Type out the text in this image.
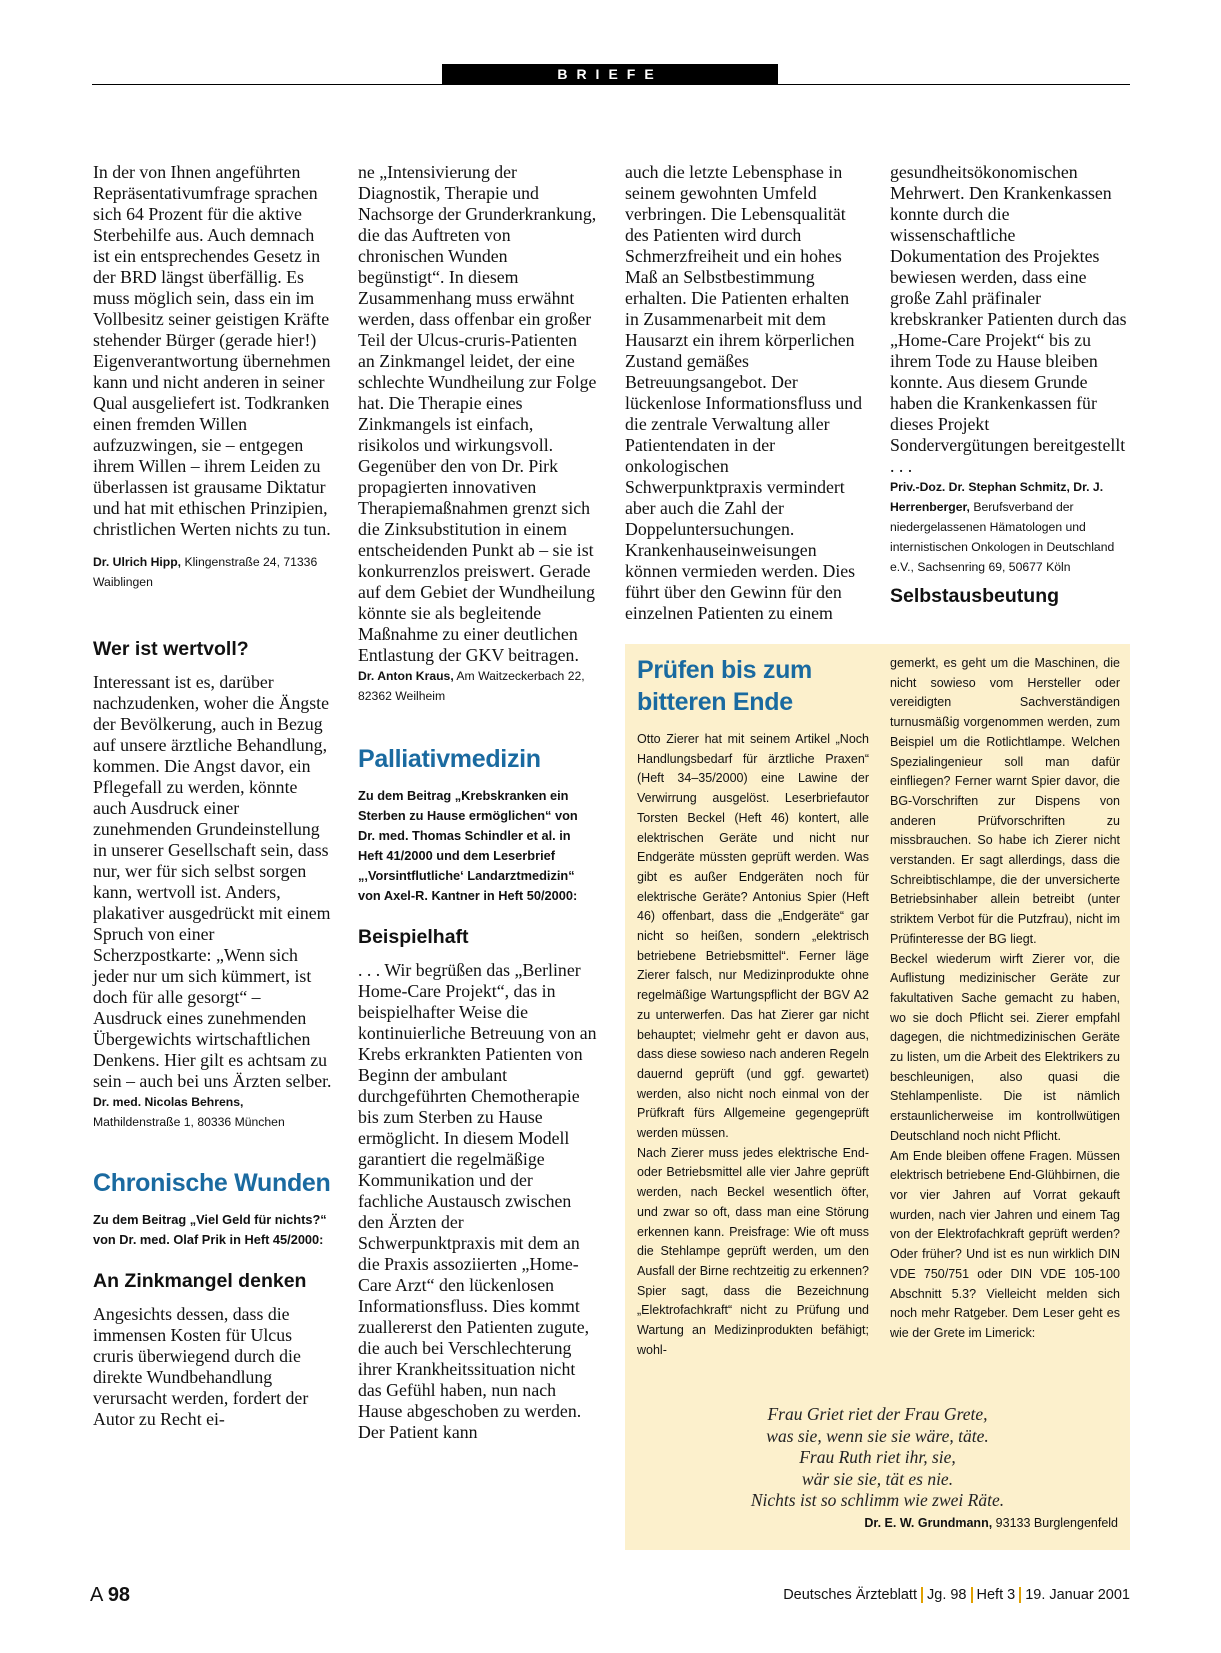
BRIEFE

In der von Ihnen angeführten Repräsentativumfrage sprachen sich 64 Prozent für die aktive Sterbehilfe aus. Auch demnach ist ein entsprechendes Gesetz in der BRD längst überfällig. Es muss möglich sein, dass ein im Vollbesitz seiner geistigen Kräfte stehender Bürger (gerade hier!) Eigenverantwortung übernehmen kann und nicht anderen in seiner Qual ausgeliefert ist. Todkranken einen fremden Willen aufzuzwingen, sie – entgegen ihrem Willen – ihrem Leiden zu überlassen ist grausame Diktatur und hat mit ethischen Prinzipien, christlichen Werten nichts zu tun.

Dr. Ulrich Hipp, Klingenstraße 24, 71336 Waiblingen

Wer ist wertvoll?

Interessant ist es, darüber nachzudenken, woher die Ängste der Bevölkerung, auch in Bezug auf unsere ärztliche Behandlung, kommen. Die Angst davor, ein Pflegefall zu werden, könnte auch Ausdruck einer zunehmenden Grundeinstellung in unserer Gesellschaft sein, dass nur, wer für sich selbst sorgen kann, wertvoll ist. Anders, plakativer ausgedrückt mit einem Spruch von einer Scherzpostkarte: „Wenn sich jeder nur um sich kümmert, ist doch für alle gesorgt“ – Ausdruck eines zunehmenden Übergewichts wirtschaftlichen Denkens. Hier gilt es achtsam zu sein – auch bei uns Ärzten selber.

Dr. med. Nicolas Behrens,
Mathildenstraße 1, 80336 München

Chronische Wunden

Zu dem Beitrag „Viel Geld für nichts?“ von Dr. med. Olaf Prik in Heft 45/2000:

An Zinkmangel denken

Angesichts dessen, dass die immensen Kosten für Ulcus cruris überwiegend durch die direkte Wundbehandlung verursacht werden, fordert der Autor zu Recht ei-

ne „Intensivierung der Diagnostik, Therapie und Nachsorge der Grunderkrankung, die das Auftreten von chronischen Wunden begünstigt“. In diesem Zusammenhang muss erwähnt werden, dass offenbar ein großer Teil der Ulcus-cruris-Patienten an Zinkmangel leidet, der eine schlechte Wundheilung zur Folge hat. Die Therapie eines Zinkmangels ist einfach, risikolos und wirkungsvoll. Gegenüber den von Dr. Pirk propagierten innovativen Therapiemaßnahmen grenzt sich die Zinksubstitution in einem entscheidenden Punkt ab – sie ist konkurrenzlos preiswert. Gerade auf dem Gebiet der Wundheilung könnte sie als begleitende Maßnahme zu einer deutlichen Entlastung der GKV beitragen.

Dr. Anton Kraus, Am Waitzeckerbach 22, 82362 Weilheim

Palliativmedizin

Zu dem Beitrag „Krebskranken ein Sterben zu Hause ermöglichen“ von Dr. med. Thomas Schindler et al. in Heft 41/2000 und dem Leserbrief „‚Vorsintflutliche‘ Landarztmedizin“ von Axel-R. Kantner in Heft 50/2000:

Beispielhaft

. . . Wir begrüßen das „Berliner Home-Care Projekt“, das in beispielhafter Weise die kontinuierliche Betreuung von an Krebs erkrankten Patienten von Beginn der ambulant durchgeführten Chemotherapie bis zum Sterben zu Hause ermöglicht. In diesem Modell garantiert die regelmäßige Kommunikation und der fachliche Austausch zwischen den Ärzten der Schwerpunktpraxis mit dem an die Praxis assoziierten „Home-Care Arzt“ den lückenlosen Informationsfluss. Dies kommt zuallererst den Patienten zugute, die auch bei Verschlechterung ihrer Krankheitssituation nicht das Gefühl haben, nun nach Hause abgeschoben zu werden. Der Patient kann

auch die letzte Lebensphase in seinem gewohnten Umfeld verbringen. Die Lebensqualität des Patienten wird durch Schmerzfreiheit und ein hohes Maß an Selbstbestimmung erhalten. Die Patienten erhalten in Zusammenarbeit mit dem Hausarzt ein ihrem körperlichen Zustand gemäßes Betreuungsangebot. Der lückenlose Informationsfluss und die zentrale Verwaltung aller Patientendaten in der onkologischen Schwerpunktpraxis vermindert aber auch die Zahl der Doppeluntersuchungen. Krankenhauseinweisungen können vermieden werden. Dies führt über den Gewinn für den einzelnen Patienten zu einem

gesundheitsökonomischen Mehrwert. Den Krankenkassen konnte durch die wissenschaftliche Dokumentation des Projektes bewiesen werden, dass eine große Zahl präfinaler krebskranker Patienten durch das „Home-Care Projekt“ bis zu ihrem Tode zu Hause bleiben konnte. Aus diesem Grunde haben die Krankenkassen für dieses Projekt Sondervergütungen bereitgestellt . . .

Priv.-Doz. Dr. Stephan Schmitz, Dr. J. Herrenberger, Berufsverband der niedergelassenen Hämatologen und internistischen Onkologen in Deutschland e.V., Sachsenring 69, 50677 Köln

Selbstausbeutung
Prüfen bis zum bitteren Ende
Otto Zierer hat mit seinem Artikel „Noch Handlungsbedarf für ärztliche Praxen“ (Heft 34–35/2000) eine Lawine der Verwirrung ausgelöst. Leserbriefautor Torsten Beckel (Heft 46) kontert, alle elektrischen Geräte und nicht nur Endgeräte müssten geprüft werden. Was gibt es außer Endgeräten noch für elektrische Geräte? Antonius Spier (Heft 46) offenbart, dass die „Endgeräte“ gar nicht so heißen, sondern „elektrisch betriebene Betriebsmittel“. Ferner läge Zierer falsch, nur Medizinprodukte ohne regelmäßige Wartungspflicht der BGV A2 zu unterwerfen. Das hat Zierer gar nicht behauptet; vielmehr geht er davon aus, dass diese sowieso nach anderen Regeln dauernd geprüft (und ggf. gewartet) werden, also nicht noch einmal von der Prüfkraft fürs Allgemeine gegengeprüft werden müssen.
Nach Zierer muss jedes elektrische End- oder Betriebsmittel alle vier Jahre geprüft werden, nach Beckel wesentlich öfter, und zwar so oft, dass man eine Störung erkennen kann. Preisfrage: Wie oft muss die Stehlampe geprüft werden, um den Ausfall der Birne rechtzeitig zu erkennen? Spier sagt, dass die Bezeichnung „Elektrofachkraft“ nicht zu Prüfung und Wartung an Medizinprodukten befähigt; wohl-
gemerkt, es geht um die Maschinen, die nicht sowieso vom Hersteller oder vereidigten Sachverständigen turnusmäßig vorgenommen werden, zum Beispiel um die Rotlichtlampe. Welchen Spezialingenieur soll man dafür einfliegen? Ferner warnt Spier davor, die BG-Vorschriften zur Dispens von anderen Prüfvorschriften zu missbrauchen. So habe ich Zierer nicht verstanden. Er sagt allerdings, dass die Schreibtischlampe, die der unversicherte Betriebsinhaber allein betreibt (unter striktem Verbot für die Putzfrau), nicht im Prüfinteresse der BG liegt.
Beckel wiederum wirft Zierer vor, die Auflistung medizinischer Geräte zur fakultativen Sache gemacht zu haben, wo sie doch Pflicht sei. Zierer empfahl dagegen, die nichtmedizinischen Geräte zu listen, um die Arbeit des Elektrikers zu beschleunigen, also quasi die Stehlampenliste. Die ist nämlich erstaunlicherweise im kontrollwütigen Deutschland noch nicht Pflicht.
Am Ende bleiben offene Fragen. Müssen elektrisch betriebene End-Glühbirnen, die vor vier Jahren auf Vorrat gekauft wurden, nach vier Jahren und einem Tag von der Elektrofachkraft geprüft werden? Oder früher? Und ist es nun wirklich DIN VDE 750/751 oder DIN VDE 105-100 Abschnitt 5.3? Vielleicht melden sich noch mehr Ratgeber. Dem Leser geht es wie der Grete im Limerick:
Frau Griet riet der Frau Grete,
was sie, wenn sie sie wäre, täte.
Frau Ruth riet ihr, sie,
wär sie sie, tät es nie.
Nichts ist so schlimm wie zwei Räte.
Dr. E. W. Grundmann, 93133 Burglengenfeld
A 98	Deutsches Ärzteblatt Jg. 98 Heft 3 19. Januar 2001
